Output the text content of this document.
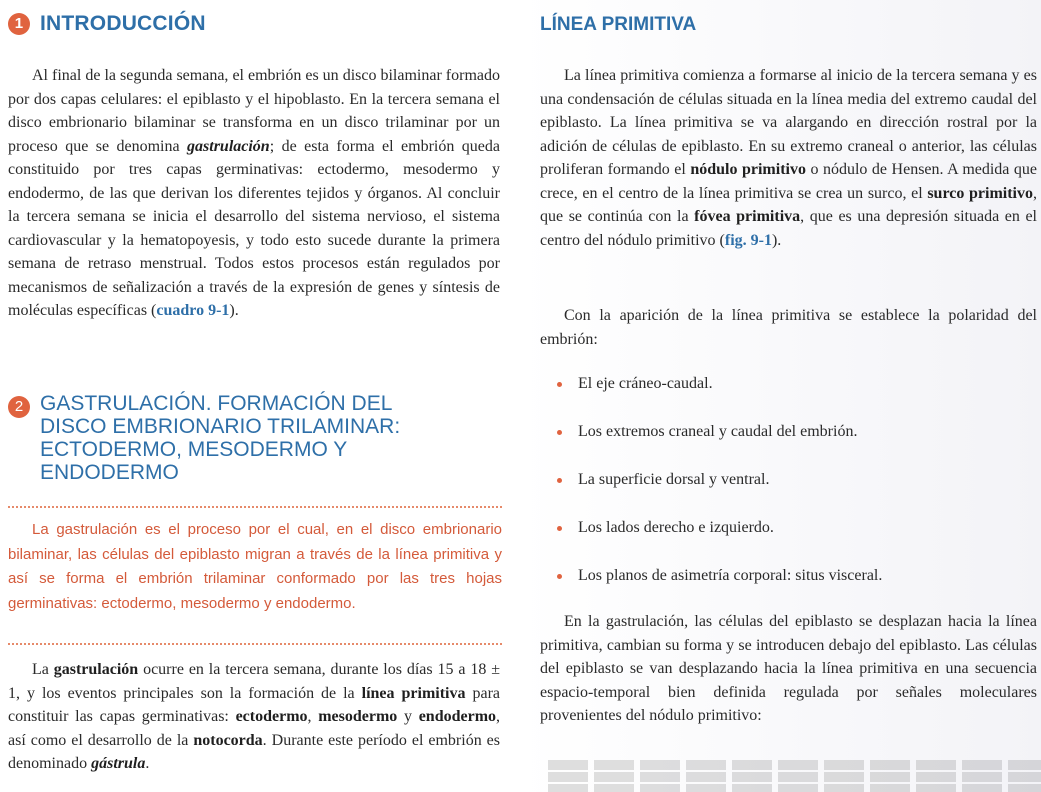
1 INTRODUCCIÓN

Al final de la segunda semana, el embrión es un disco bilaminar formado por dos capas celulares: el epiblasto y el hipoblasto. En la tercera semana el disco embrionario bilaminar se transforma en un disco trilaminar por un proceso que se denomina gastrulación; de esta forma el embrión queda constituido por tres capas germinativas: ectodermo, mesodermo y endodermo, de las que derivan los diferentes tejidos y órganos. Al concluir la tercera semana se inicia el desarrollo del sistema nervioso, el sistema cardiovascular y la hematopoyesis, y todo esto sucede durante la primera semana de retraso menstrual. Todos estos procesos están regulados por mecanismos de señalización a través de la expresión de genes y síntesis de moléculas específicas (cuadro 9-1).

2 GASTRULACIÓN. FORMACIÓN DEL
DISCO EMBRIONARIO TRILAMINAR:
ECTODERMO, MESODERMO Y
ENDODERMO

La gastrulación es el proceso por el cual, en el disco embrionario bilaminar, las células del epiblasto migran a través de la línea primitiva y así se forma el embrión trilaminar conformado por las tres hojas germinativas: ectodermo, mesodermo y endodermo.

La gastrulación ocurre en la tercera semana, durante los días 15 a 18 ± 1, y los eventos principales son la formación de la línea primitiva para constituir las capas germinativas: ectodermo, mesodermo y endodermo, así como el desarrollo de la notocorda. Durante este período el embrión es denominado gástrula.

LÍNEA PRIMITIVA

La línea primitiva comienza a formarse al inicio de la tercera semana y es una condensación de células situada en la línea media del extremo caudal del epiblasto. La línea primitiva se va alargando en dirección rostral por la adición de células de epiblasto. En su extremo craneal o anterior, las células proliferan formando el nódulo primitivo o nódulo de Hensen. A medida que crece, en el centro de la línea primitiva se crea un surco, el surco primitivo, que se continúa con la fóvea primitiva, que es una depresión situada en el centro del nódulo primitivo (fig. 9-1).

Con la aparición de la línea primitiva se establece la polaridad del embrión:

El eje cráneo-caudal.
Los extremos craneal y caudal del embrión.
La superficie dorsal y ventral.
Los lados derecho e izquierdo.
Los planos de asimetría corporal: situs visceral.

En la gastrulación, las células del epiblasto se desplazan hacia la línea primitiva, cambian su forma y se introducen debajo del epiblasto. Las células del epiblasto se van desplazando hacia la línea primitiva en una secuencia espacio-temporal bien definida regulada por señales moleculares provenientes del nódulo primitivo:
